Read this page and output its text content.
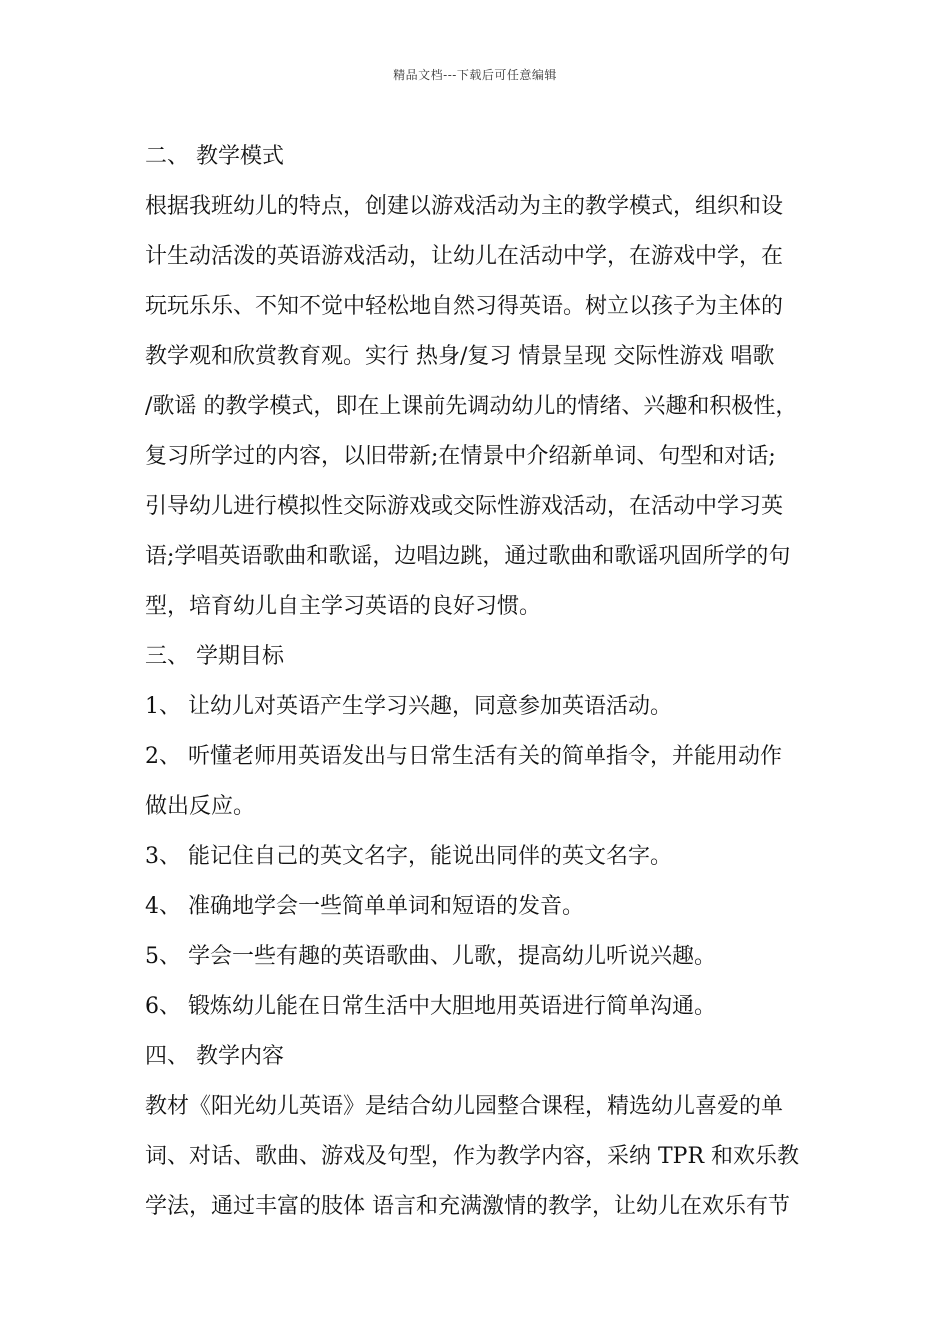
精品文档---下载后可任意编辑

二、 教学模式

根据我班幼儿的特点，创建以游戏活动为主的教学模式，组织和设

计生动活泼的英语游戏活动，让幼儿在活动中学，在游戏中学，在

玩玩乐乐、不知不觉中轻松地自然习得英语。树立以孩子为主体的

教学观和欣赏教育观。实行 热身/复习 情景呈现 交际性游戏 唱歌

/歌谣 的教学模式，即在上课前先调动幼儿的情绪、兴趣和积极性，

复习所学过的内容，以旧带新;在情景中介绍新单词、句型和对话;

引导幼儿进行模拟性交际游戏或交际性游戏活动，在活动中学习英

语;学唱英语歌曲和歌谣，边唱边跳，通过歌曲和歌谣巩固所学的句

型，培育幼儿自主学习英语的良好习惯。

三、 学期目标

1、 让幼儿对英语产生学习兴趣，同意参加英语活动。

2、 听懂老师用英语发出与日常生活有关的简单指令，并能用动作

做出反应。

3、 能记住自己的英文名字，能说出同伴的英文名字。

4、 准确地学会一些简单单词和短语的发音。

5、 学会一些有趣的英语歌曲、儿歌，提高幼儿听说兴趣。

6、 锻炼幼儿能在日常生活中大胆地用英语进行简单沟通。

四、 教学内容

教材《阳光幼儿英语》是结合幼儿园整合课程，精选幼儿喜爱的单

词、对话、歌曲、游戏及句型，作为教学内容，采纳 TPR 和欢乐教

学法，通过丰富的肢体 语言和充满激情的教学，让幼儿在欢乐有节
